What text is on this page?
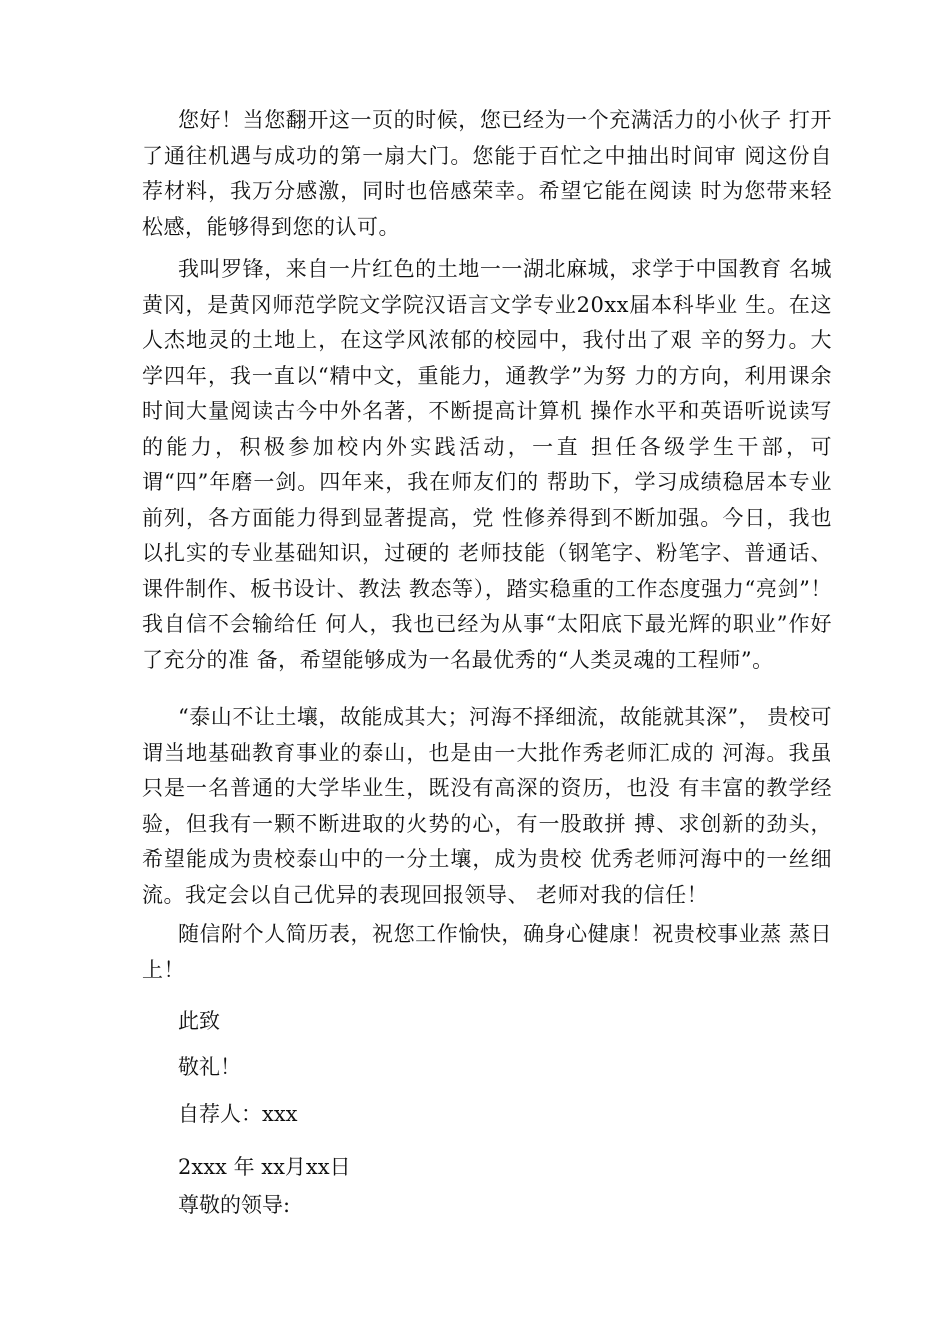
您好！当您翻开这一页的时候，您已经为一个充满活力的小伙子 打开了通往机遇与成功的第一扇大门。您能于百忙之中抽出时间审 阅这份自荐材料，我万分感激，同时也倍感荣幸。希望它能在阅读 时为您带来轻松感，能够得到您的认可。

我叫罗锋，来自一片红色的土地一一湖北麻城，求学于中国教育 名城黄冈，是黄冈师范学院文学院汉语言文学专业20xx届本科毕业 生。在这人杰地灵的土地上，在这学风浓郁的校园中，我付出了艰 辛的努力。大学四年，我一直以“精中文，重能力，通教学”为努 力的方向，利用课余时间大量阅读古今中外名著，不断提高计算机 操作水平和英语听说读写的能力，积极参加校内外实践活动，一直 担任各级学生干部，可谓“四”年磨一剑。四年来，我在师友们的 帮助下，学习成绩稳居本专业前列，各方面能力得到显著提高，党 性修养得到不断加强。今日，我也以扎实的专业基础知识，过硬的 老师技能（钢笔字、粉笔字、普通话、课件制作、板书设计、教法 教态等），踏实稳重的工作态度强力“亮剑”！我自信不会输给任 何人，我也已经为从事“太阳底下最光辉的职业”作好了充分的准 备，希望能够成为一名最优秀的“人类灵魂的工程师”。

“泰山不让土壤，故能成其大；河海不择细流，故能就其深”， 贵校可谓当地基础教育事业的泰山，也是由一大批作秀老师汇成的 河海。我虽只是一名普通的大学毕业生，既没有高深的资历，也没 有丰富的教学经验，但我有一颗不断进取的火势的心，有一股敢拼 搏、求创新的劲头，希望能成为贵校泰山中的一分土壤，成为贵校 优秀老师河海中的一丝细流。我定会以自己优异的表现回报领导、 老师对我的信任！

随信附个人简历表，祝您工作愉快，确身心健康！祝贵校事业蒸 蒸日上！

此致

敬礼！

自荐人：xxx

2xxx 年 xx月xx日

尊敬的领导:
